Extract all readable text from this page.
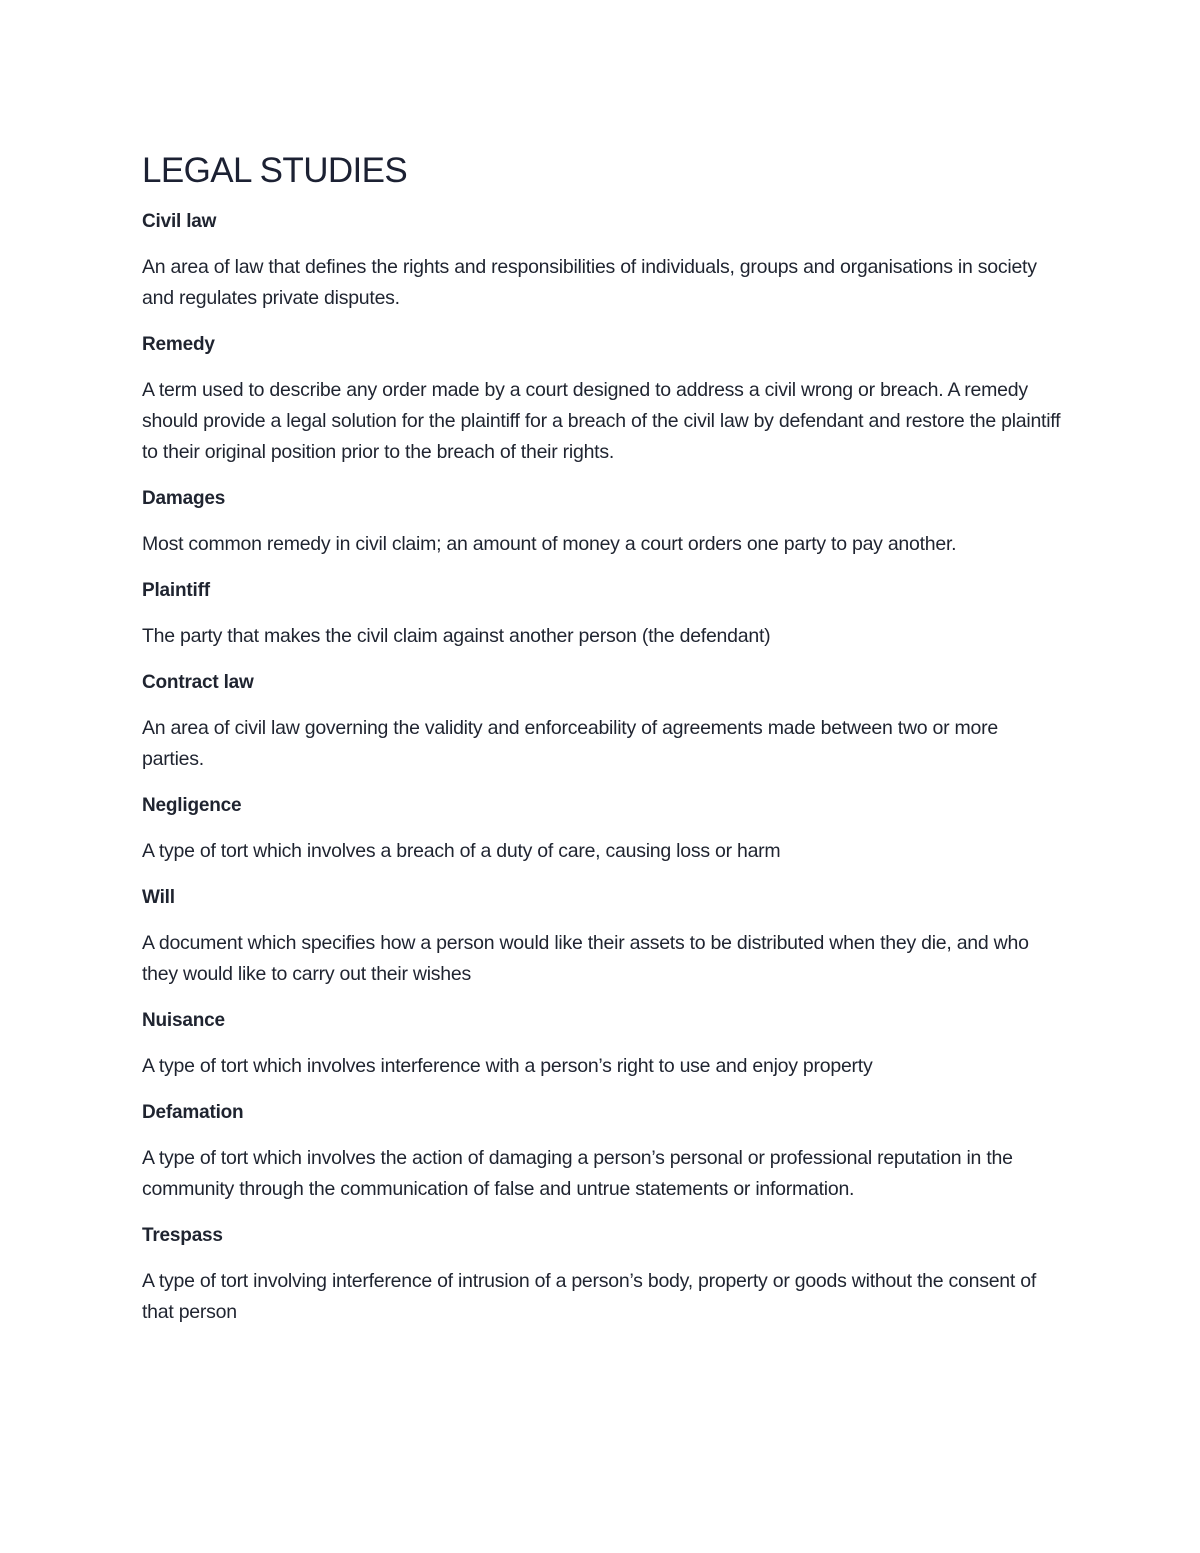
LEGAL STUDIES

Civil law

An area of law that defines the rights and responsibilities of individuals, groups and organisations in society and regulates private disputes.

Remedy

A term used to describe any order made by a court designed to address a civil wrong or breach. A remedy should provide a legal solution for the plaintiff for a breach of the civil law by defendant and restore the plaintiff to their original position prior to the breach of their rights.

Damages

Most common remedy in civil claim; an amount of money a court orders one party to pay another.

Plaintiff

The party that makes the civil claim against another person (the defendant)

Contract law

An area of civil law governing the validity and enforceability of agreements made between two or more parties.

Negligence

A type of tort which involves a breach of a duty of care, causing loss or harm

Will

A document which specifies how a person would like their assets to be distributed when they die, and who they would like to carry out their wishes

Nuisance

A type of tort which involves interference with a person’s right to use and enjoy property

Defamation

A type of tort which involves the action of damaging a person’s personal or professional reputation in the community through the communication of false and untrue statements or information.

Trespass

A type of tort involving interference of intrusion of a person’s body, property or goods without the consent of that person
